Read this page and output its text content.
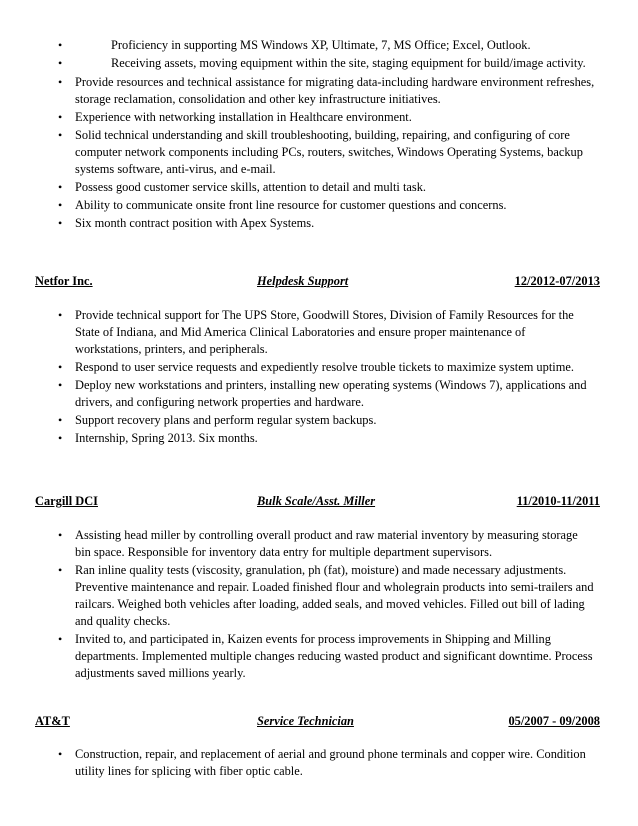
•	Proficiency in supporting MS Windows XP, Ultimate, 7, MS Office; Excel, Outlook.
•	Receiving assets, moving equipment within the site, staging equipment for build/image activity.
• Provide resources and technical assistance for migrating data-including hardware environment refreshes,
storage reclamation, consolidation and other key infrastructure initiatives.
• Experience with networking installation in Healthcare environment.
• Solid technical understanding and skill troubleshooting, building, repairing, and configuring of core
computer network components including PCs, routers, switches, Windows Operating Systems, backup
systems software, anti-virus, and e-mail.
• Possess good customer service skills, attention to detail and multi task.
• Ability to communicate onsite front line resource for customer questions and concerns.
• Six month contract position with Apex Systems.
Netfor Inc.	Helpdesk Support	12/2012-07/2013
• Provide technical support for The UPS Store, Goodwill Stores, Division of Family Resources for the
State of Indiana, and Mid America Clinical Laboratories and ensure proper maintenance of
workstations, printers, and peripherals.
• Respond to user service requests and expediently resolve trouble tickets to maximize system uptime.
• Deploy new workstations and printers, installing new operating systems (Windows 7), applications and
drivers, and configuring network properties and hardware.
• Support recovery plans and perform regular system backups.
• Internship, Spring 2013. Six months.
Cargill DCI	Bulk Scale/Asst. Miller	11/2010-11/2011
• Assisting head miller by controlling overall product and raw material inventory by measuring storage
bin space. Responsible for inventory data entry for multiple department supervisors.
• Ran inline quality tests (viscosity, granulation, ph (fat), moisture) and made necessary adjustments.
Preventive maintenance and repair. Loaded finished flour and wholegrain products into semi-trailers and
railcars. Weighed both vehicles after loading, added seals, and moved vehicles. Filled out bill of lading
and quality checks.
• Invited to, and participated in, Kaizen events for process improvements in Shipping and Milling
departments. Implemented multiple changes reducing wasted product and significant downtime. Process
adjustments saved millions yearly.
AT&T	Service Technician	05/2007 - 09/2008
• Construction, repair, and replacement of aerial and ground phone terminals and copper wire. Condition
utility lines for splicing with fiber optic cable.
